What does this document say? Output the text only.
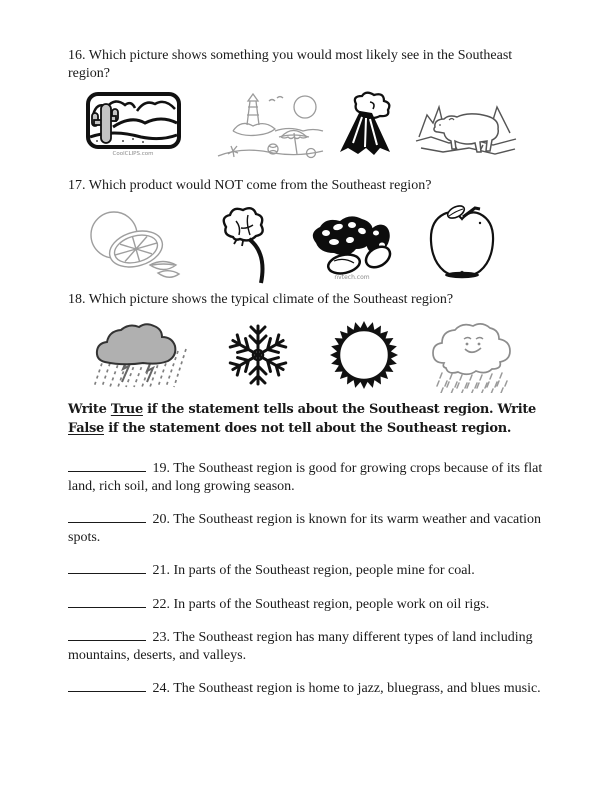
16. Which picture shows something you would most likely see in the Southeast region?

CoolCLIPS.com

17. Which product would NOT come from the Southeast region?

nvtech.com

18. Which picture shows the typical climate of the Southeast region?

Write True if the statement tells about the Southeast region. Write
False if the statement does not tell about the Southeast region.

19. The Southeast region is good for growing crops because of its flat land, rich soil, and long growing season.

20. The Southeast region is known for its warm weather and vacation spots.

21. In parts of the Southeast region, people mine for coal.

22. In parts of the Southeast region, people work on oil rigs.

23. The Southeast region has many different types of land including mountains, deserts, and valleys.

24. The Southeast region is home to jazz, bluegrass, and blues music.
